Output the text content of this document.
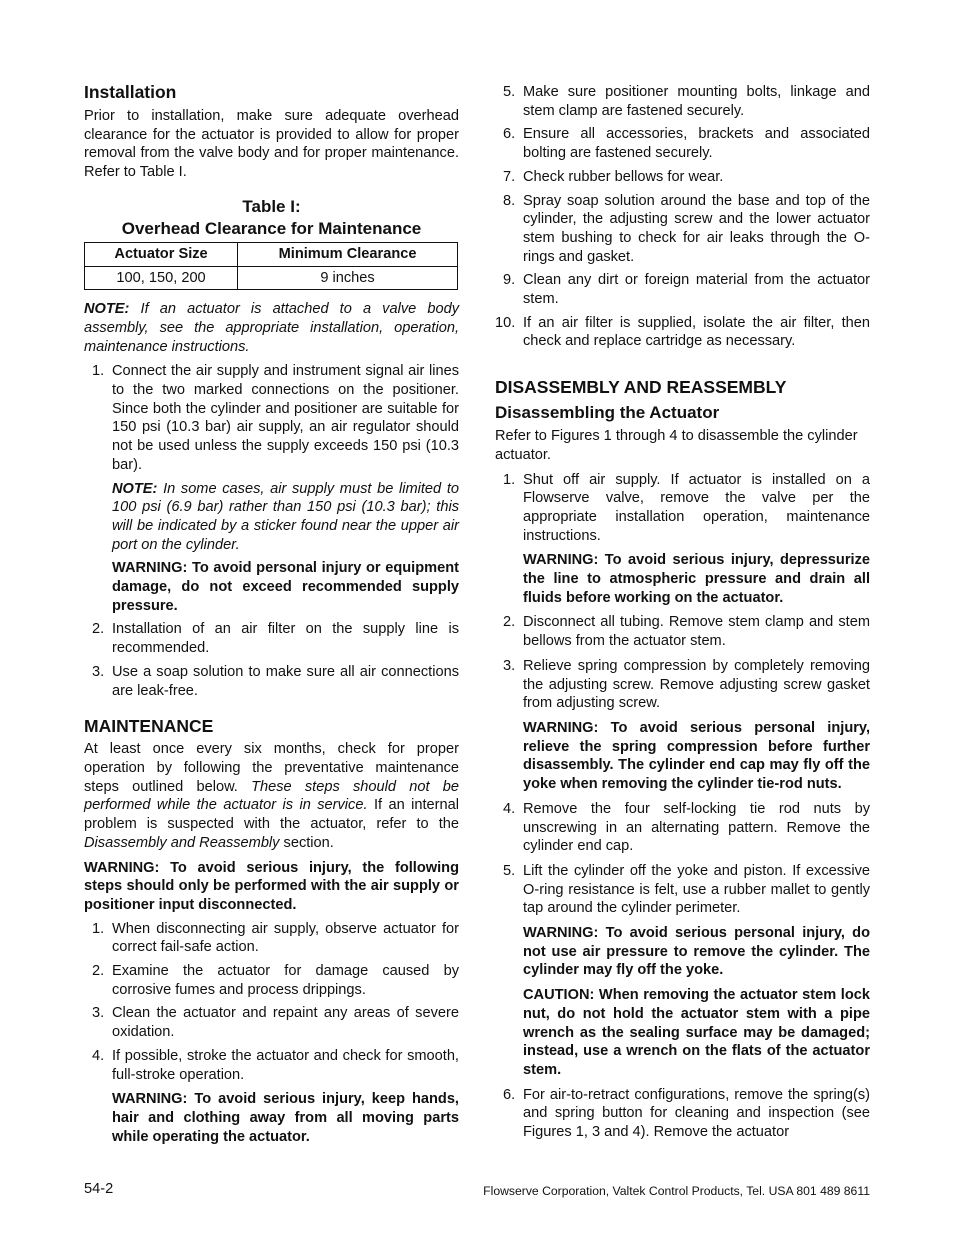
Installation

Prior to installation, make sure adequate overhead clearance for the actuator is provided to allow for proper removal from the valve body and for proper maintenance. Refer to Table I.

Table I:
Overhead Clearance for Maintenance
Actuator Size	Minimum Clearance
100, 150, 200	9 inches

NOTE: If an actuator is attached to a valve body assembly, see the appropriate installation, operation, maintenance instructions.

1. Connect the air supply and instrument signal air lines to the two marked connections on the positioner. Since both the cylinder and positioner are suitable for 150 psi (10.3 bar) air supply, an air regulator should not be used unless the supply exceeds 150 psi (10.3 bar).

NOTE: In some cases, air supply must be limited to 100 psi (6.9 bar) rather than 150 psi (10.3 bar); this will be indicated by a sticker found near the upper air port on the cylinder.

WARNING: To avoid personal injury or equipment damage, do not exceed recommended supply pressure.

2. Installation of an air filter on the supply line is recommended.
3. Use a soap solution to make sure all air connections are leak-free.
MAINTENANCE

At least once every six months, check for proper operation by following the preventative maintenance steps outlined below. These steps should not be performed while the actuator is in service. If an internal problem is suspected with the actuator, refer to the Disassembly and Reassembly section.

WARNING: To avoid serious injury, the following steps should only be performed with the air supply or positioner input disconnected.

1. When disconnecting air supply, observe actuator for correct fail-safe action.
2. Examine the actuator for damage caused by corrosive fumes and process drippings.
3. Clean the actuator and repaint any areas of severe oxidation.
4. If possible, stroke the actuator and check for smooth, full-stroke operation.

WARNING: To avoid serious injury, keep hands, hair and clothing away from all moving parts while operating the actuator.

5. Make sure positioner mounting bolts, linkage and stem clamp are fastened securely.
6. Ensure all accessories, brackets and associated bolting are fastened securely.
7. Check rubber bellows for wear.
8. Spray soap solution around the base and top of the cylinder, the adjusting screw and the lower actuator stem bushing to check for air leaks through the O-rings and gasket.
9. Clean any dirt or foreign material from the actuator stem.
10. If an air filter is supplied, isolate the air filter, then check and replace cartridge as necessary.
DISASSEMBLY AND REASSEMBLY
Disassembling the Actuator

Refer to Figures 1 through 4 to disassemble the cylinder actuator.

1. Shut off air supply. If actuator is installed on a Flowserve valve, remove the valve per the appropriate installation operation, maintenance instructions.

WARNING: To avoid serious injury, depressurize the line to atmospheric pressure and drain all fluids before working on the actuator.

2. Disconnect all tubing. Remove stem clamp and stem bellows from the actuator stem.
3. Relieve spring compression by completely removing the adjusting screw. Remove adjusting screw gasket from adjusting screw.

WARNING: To avoid serious personal injury, relieve the spring compression before further disassembly. The cylinder end cap may fly off the yoke when removing the cylinder tie-rod nuts.

4. Remove the four self-locking tie rod nuts by unscrewing in an alternating pattern. Remove the cylinder end cap.
5. Lift the cylinder off the yoke and piston. If excessive O-ring resistance is felt, use a rubber mallet to gently tap around the cylinder perimeter.

WARNING: To avoid serious personal injury, do not use air pressure to remove the cylinder. The cylinder may fly off the yoke.

CAUTION: When removing the actuator stem lock nut, do not hold the actuator stem with a pipe wrench as the sealing surface may be damaged; instead, use a wrench on the flats of the actuator stem.

6. For air-to-retract configurations, remove the spring(s) and spring button for cleaning and inspection (see Figures 1, 3 and 4). Remove the actuator
54-2	Flowserve Corporation, Valtek Control Products, Tel. USA 801 489 8611
